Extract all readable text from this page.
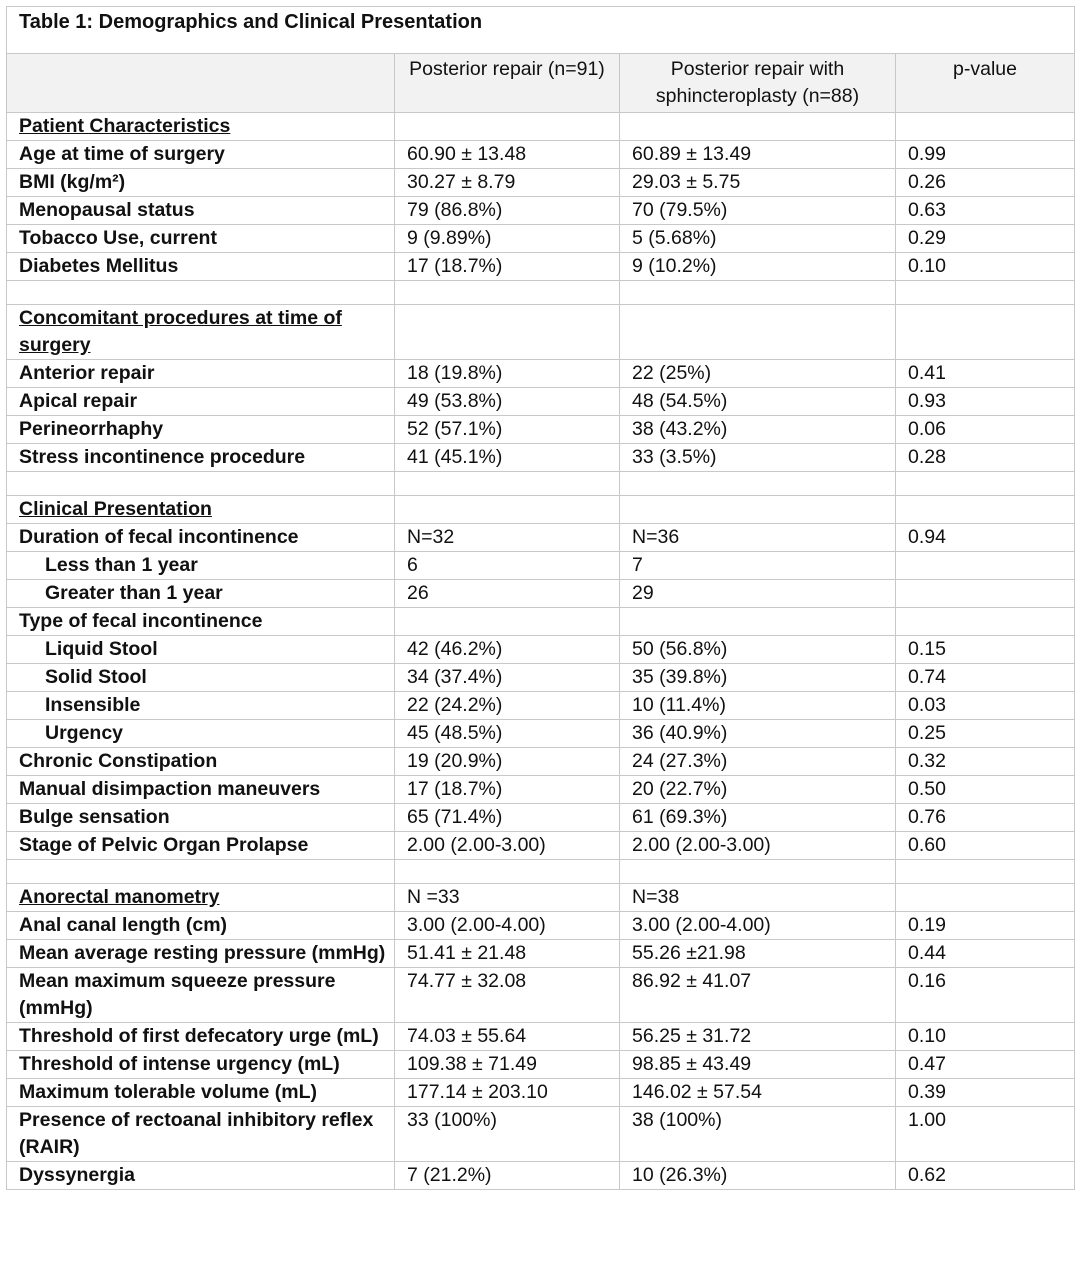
Table 1: Demographics and Clinical Presentation			
	Posterior repair (n=91)	Posterior repair with sphincteroplasty (n=88)	p-value
Patient Characteristics			
Age at time of surgery	60.90 ± 13.48	60.89 ± 13.49	0.99
BMI (kg/m²)	30.27 ± 8.79	29.03 ± 5.75	0.26
Menopausal status	79 (86.8%)	70 (79.5%)	0.63
Tobacco Use, current	9 (9.89%)	5 (5.68%)	0.29
Diabetes Mellitus	17 (18.7%)	9 (10.2%)	0.10

Concomitant procedures at time of surgery			
Anterior repair	18 (19.8%)	22 (25%)	0.41
Apical repair	49 (53.8%)	48 (54.5%)	0.93
Perineorrhaphy	52 (57.1%)	38 (43.2%)	0.06
Stress incontinence procedure	41 (45.1%)	33 (3.5%)	0.28

Clinical Presentation			
Duration of fecal incontinence	N=32	N=36	0.94
Less than 1 year	6	7	
Greater than 1 year	26	29	
Type of fecal incontinence			
Liquid Stool	42 (46.2%)	50 (56.8%)	0.15
Solid Stool	34 (37.4%)	35 (39.8%)	0.74
Insensible	22 (24.2%)	10 (11.4%)	0.03
Urgency	45 (48.5%)	36 (40.9%)	0.25
Chronic Constipation	19 (20.9%)	24 (27.3%)	0.32
Manual disimpaction maneuvers	17 (18.7%)	20 (22.7%)	0.50
Bulge sensation	65 (71.4%)	61 (69.3%)	0.76
Stage of Pelvic Organ Prolapse	2.00 (2.00-3.00)	2.00 (2.00-3.00)	0.60

Anorectal manometry	N =33	N=38	
Anal canal length (cm)	3.00 (2.00-4.00)	3.00 (2.00-4.00)	0.19
Mean average resting pressure (mmHg)	51.41 ± 21.48	55.26 ±21.98	0.44
Mean maximum squeeze pressure (mmHg)	74.77 ± 32.08	86.92 ± 41.07	0.16
Threshold of first defecatory urge (mL)	74.03 ± 55.64	56.25 ± 31.72	0.10
Threshold of intense urgency (mL)	109.38 ± 71.49	98.85 ± 43.49	0.47
Maximum tolerable volume (mL)	177.14 ± 203.10	146.02 ± 57.54	0.39
Presence of rectoanal inhibitory reflex (RAIR)	33 (100%)	38 (100%)	1.00
Dyssynergia	7 (21.2%)	10 (26.3%)	0.62
